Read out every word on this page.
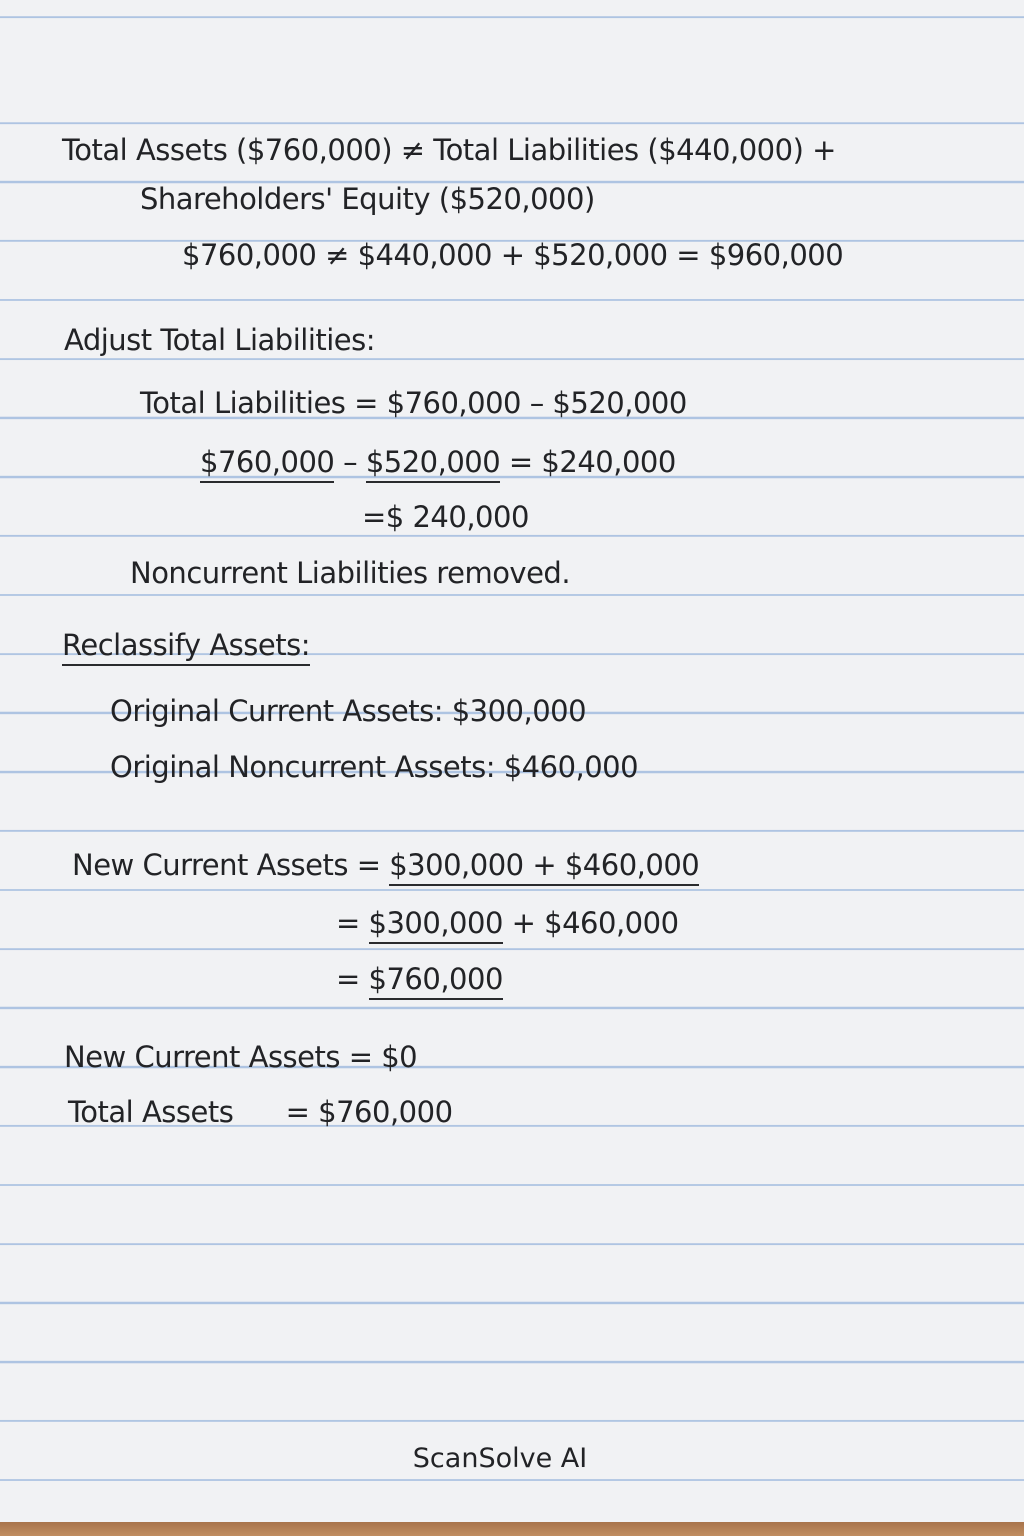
Total Assets ($760,000) ≠ Total Liabilities ($440,000) +
Shareholders' Equity ($520,000)
$760,000 ≠ $440,000 + $520,000 = $960,000
Adjust Total Liabilities:
Total Liabilities = $760,000 – $520,000
$760,000 – $520,000 = $240,000
=$ 240,000
Noncurrent Liabilities removed.
Reclassify Assets:
Original Current Assets: $300,000
Original Noncurrent Assets: $460,000
New Current Assets = $300,000 + $460,000
= $300,000 + $460,000
= $760,000
New Current Assets = $0
Total Assets      = $760,000
ScanSolve AI
